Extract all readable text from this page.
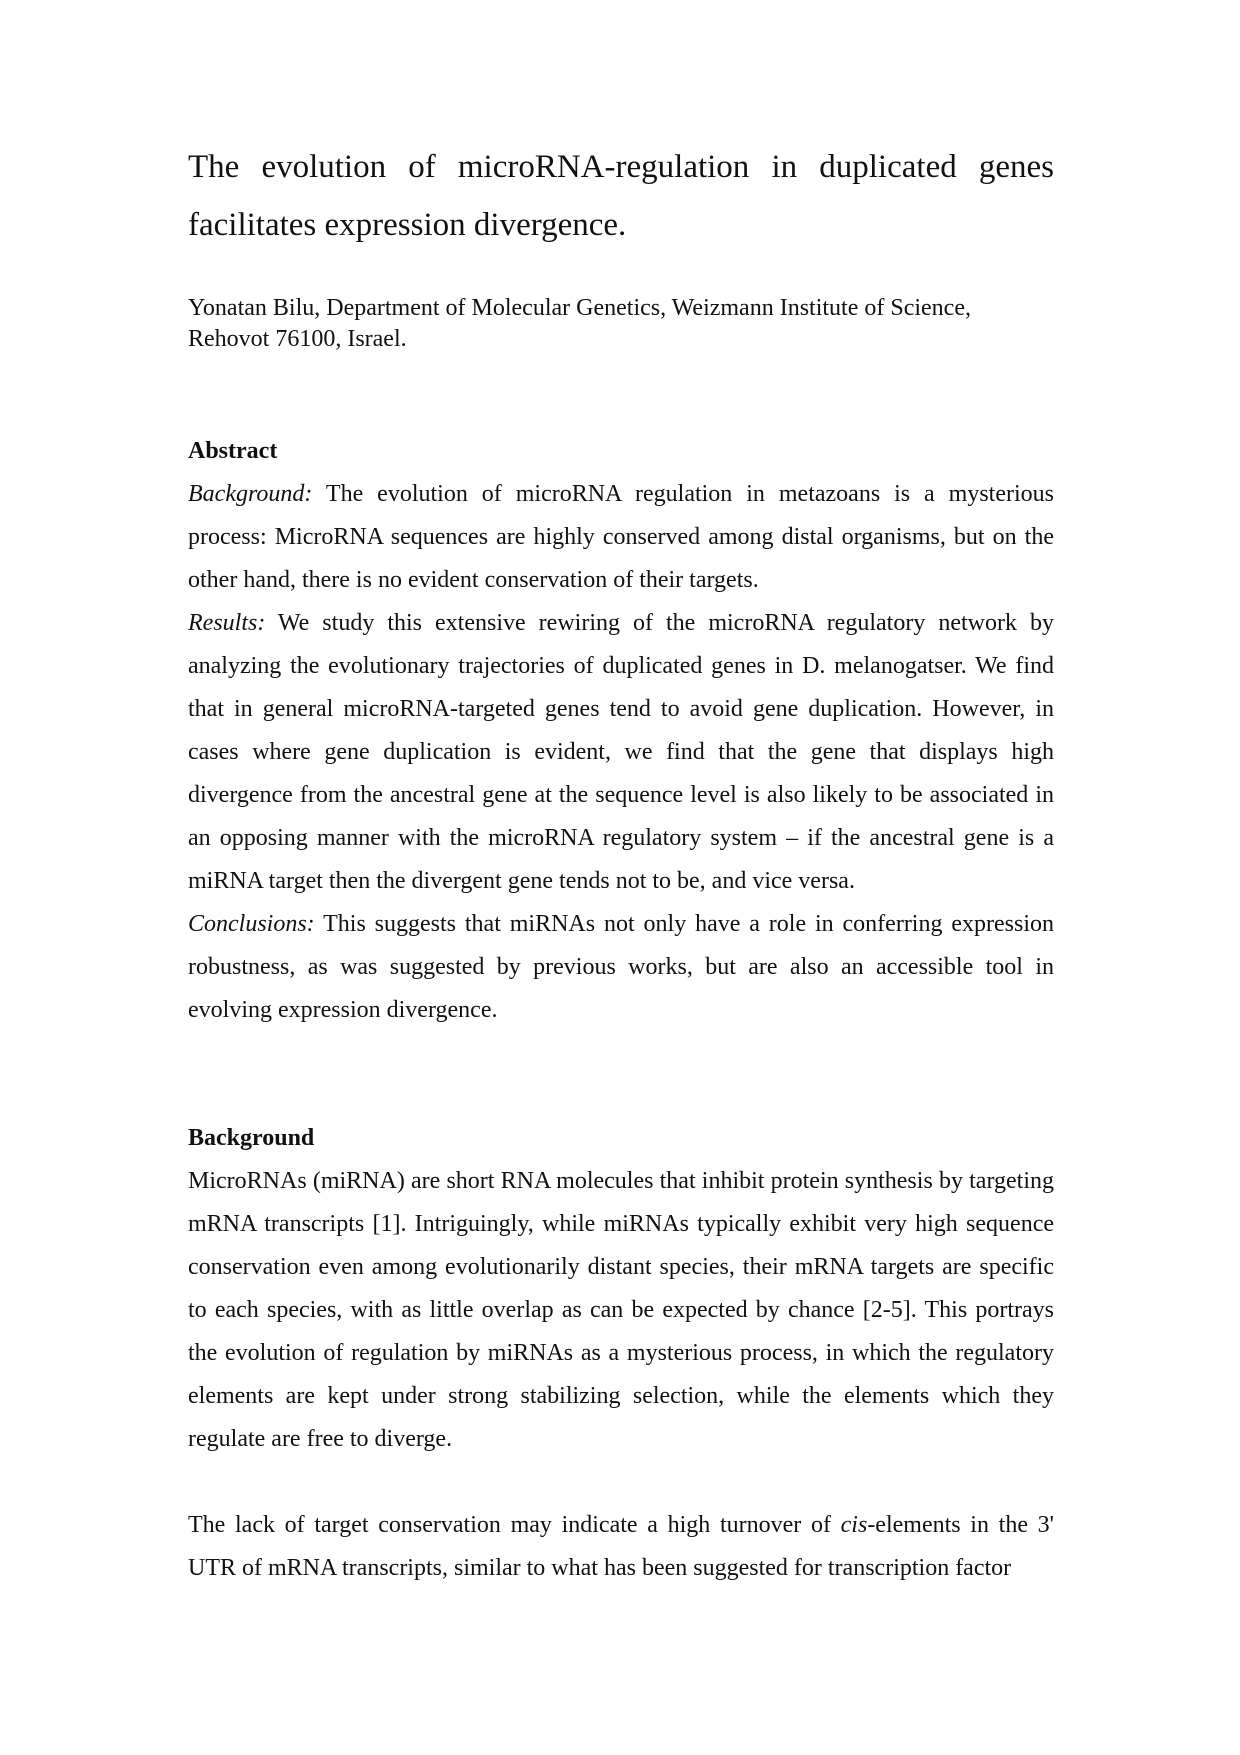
The evolution of microRNA-regulation in duplicated genes facilitates expression divergence.
Yonatan Bilu, Department of Molecular Genetics, Weizmann Institute of Science,
Rehovot 76100, Israel.
Abstract

Background: The evolution of microRNA regulation in metazoans is a mysterious process: MicroRNA sequences are highly conserved among distal organisms, but on the other hand, there is no evident conservation of their targets.

Results: We study this extensive rewiring of the microRNA regulatory network by analyzing the evolutionary trajectories of duplicated genes in D. melanogatser. We find that in general microRNA-targeted genes tend to avoid gene duplication. However, in cases where gene duplication is evident, we find that the gene that displays high divergence from the ancestral gene at the sequence level is also likely to be associated in an opposing manner with the microRNA regulatory system – if the ancestral gene is a miRNA target then the divergent gene tends not to be, and vice versa.

Conclusions: This suggests that miRNAs not only have a role in conferring expression robustness, as was suggested by previous works, but are also an accessible tool in evolving expression divergence.

Background

MicroRNAs (miRNA) are short RNA molecules that inhibit protein synthesis by targeting mRNA transcripts [1]. Intriguingly, while miRNAs typically exhibit very high sequence conservation even among evolutionarily distant species, their mRNA targets are specific to each species, with as little overlap as can be expected by chance [2-5]. This portrays the evolution of regulation by miRNAs as a mysterious process, in which the regulatory elements are kept under strong stabilizing selection, while the elements which they regulate are free to diverge.

The lack of target conservation may indicate a high turnover of cis-elements in the 3' UTR of mRNA transcripts, similar to what has been suggested for transcription factor
